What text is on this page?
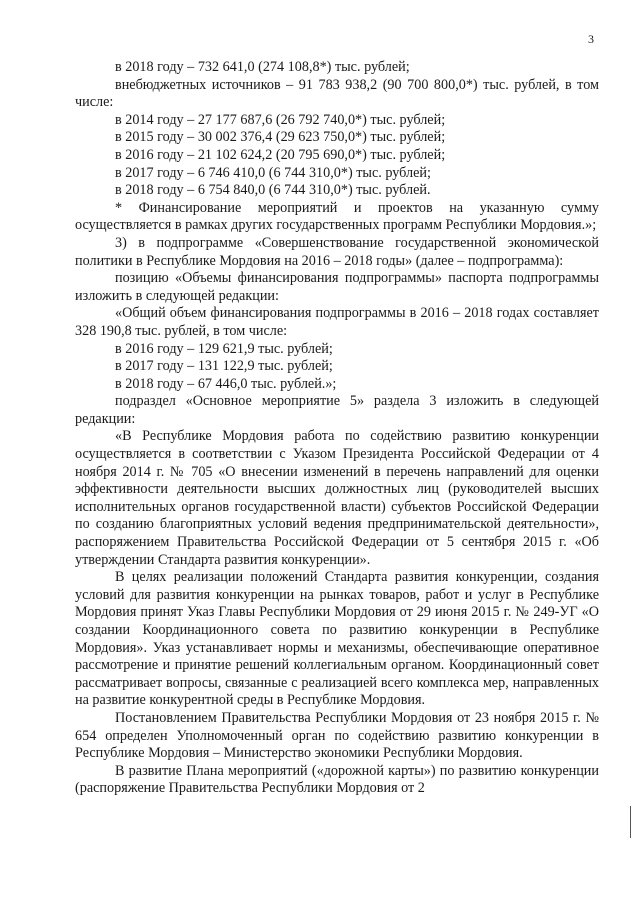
3

в 2018 году – 732 641,0 (274 108,8*) тыс. рублей;

внебюджетных источников – 91 783 938,2 (90 700 800,0*) тыс. рублей, в том числе:

в 2014 году – 27 177 687,6 (26 792 740,0*) тыс. рублей;

в 2015 году – 30 002 376,4 (29 623 750,0*) тыс. рублей;

в 2016 году – 21 102 624,2 (20 795 690,0*) тыс. рублей;

в 2017 году – 6 746 410,0 (6 744 310,0*) тыс. рублей;

в 2018 году – 6 754 840,0 (6 744 310,0*) тыс. рублей.

* Финансирование мероприятий и проектов на указанную сумму осуществляется в рамках других государственных программ Республики Мордовия.»;

3) в подпрограмме «Совершенствование государственной экономической политики в Республике Мордовия на 2016 – 2018 годы» (далее – подпрограмма):

позицию «Объемы финансирования подпрограммы» паспорта подпрограммы изложить в следующей редакции:

«Общий объем финансирования подпрограммы в 2016 – 2018 годах составляет 328 190,8 тыс. рублей, в том числе:

в 2016 году – 129 621,9 тыс. рублей;

в 2017 году – 131 122,9 тыс. рублей;

в 2018 году – 67 446,0 тыс. рублей.»;

подраздел «Основное мероприятие 5» раздела 3 изложить в следующей редакции:

«В Республике Мордовия работа по содействию развитию конкуренции осуществляется в соответствии с Указом Президента Российской Федерации от 4 ноября 2014 г. № 705 «О внесении изменений в перечень направлений для оценки эффективности деятельности высших должностных лиц (руководителей высших исполнительных органов государственной власти) субъектов Российской Федерации по созданию благоприятных условий ведения предпринимательской деятельности», распоряжением Правительства Российской Федерации от 5 сентября 2015 г. «Об утверждении Стандарта развития конкуренции».

В целях реализации положений Стандарта развития конкуренции, создания условий для развития конкуренции на рынках товаров, работ и услуг в Республике Мордовия принят Указ Главы Республики Мордовия от 29 июня 2015 г. № 249-УГ «О создании Координационного совета по развитию конкуренции в Республике Мордовия». Указ устанавливает нормы и механизмы, обеспечивающие оперативное рассмотрение и принятие решений коллегиальным органом. Координационный совет рассматривает вопросы, связанные с реализацией всего комплекса мер, направленных на развитие конкурентной среды в Республике Мордовия.

Постановлением Правительства Республики Мордовия от 23 ноября 2015 г. № 654 определен Уполномоченный орган по содействию развитию конкуренции в Республике Мордовия – Министерство экономики Республики Мордовия.

В развитие Плана мероприятий («дорожной карты») по развитию конкуренции (распоряжение Правительства Республики Мордовия от 2
